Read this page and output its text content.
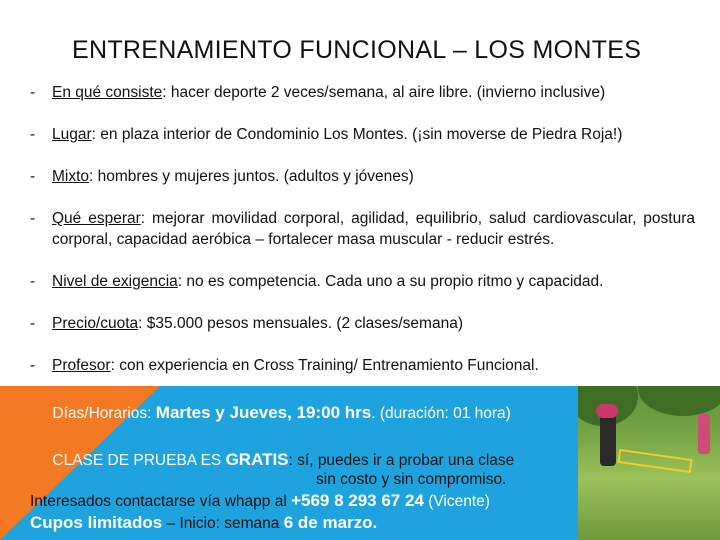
ENTRENAMIENTO FUNCIONAL – LOS MONTES
- En qué consiste: hacer deporte 2 veces/semana, al aire libre. (invierno inclusive)
- Lugar: en plaza interior de Condominio Los Montes. (¡sin moverse de Piedra Roja!)
- Mixto: hombres y mujeres juntos. (adultos y jóvenes)
- Qué esperar: mejorar movilidad corporal, agilidad, equilibrio, salud cardiovascular, postura corporal, capacidad aeróbica – fortalecer masa muscular - reducir estrés.
- Nivel de exigencia: no es competencia. Cada uno a su propio ritmo y capacidad.
- Precio/cuota: $35.000 pesos mensuales. (2 clases/semana)
- Profesor: con experiencia en Cross Training/ Entrenamiento Funcional.
- Días/Horarios: Martes y Jueves, 19:00 hrs. (duración: 01 hora)
- CLASE DE PRUEBA ES GRATIS: sí, puedes ir a probar una clase
sin costo y sin compromiso.
Interesados contactarse vía whapp al +569 8 293 67 24 (Vicente)
Cupos limitados – Inicio: semana 6 de marzo.
